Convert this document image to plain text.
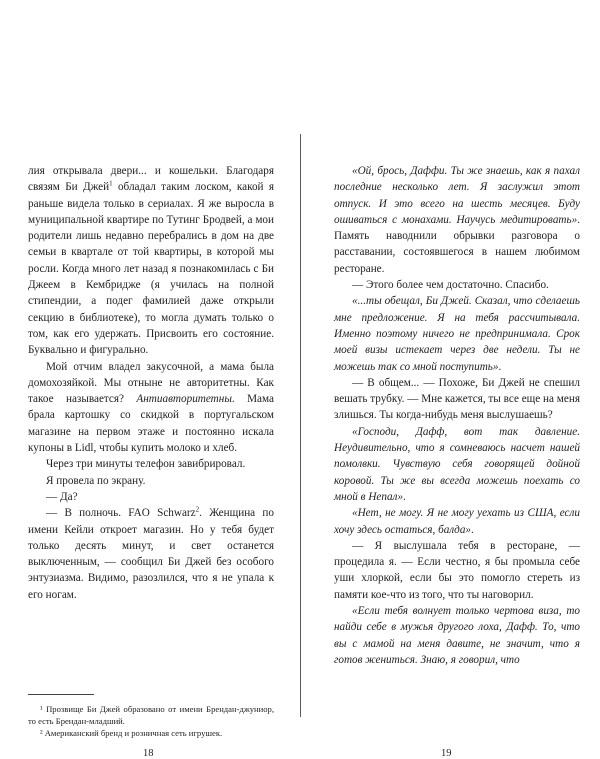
лия открывала двери... и кошельки. Благодаря связям Би Джей$^1$ обладал таким лоском, какой я раньше видела только в сериалах. Я же выросла в муниципальной квартире по Тутинг Бродвей, а мои родители лишь недавно перебрались в дом на две семьи в квартале от той квартиры, в которой мы росли. Когда много лет назад я познакомилась с Би Джеем в Кембридже (я училась на полной стипендии, а подег фамилией даже открыли секцию в библиотеке), то могла думать только о том, как его удержать. Присвоить его состояние. Буквально и фигурально.

Мой отчим владел закусочной, а мама была домохозяйкой. Мы отныне не авторитетны. Как такое называется? Антиавторитетны. Мама брала картошку со скидкой в португальском магазине на первом этаже и постоянно искала купоны в Lidl, чтобы купить молоко и хлеб.

Через три минуты телефон завибрировал.

Я провела по экрану.

— Да?

— В полночь. FAO Schwarz$^2$. Женщина по имени Кейли откроет магазин. Но у тебя будет только десять минут, и свет останется выключенным, — сообщил Би Джей без особого энтузиазма. Видимо, разозлился, что я не упала к его ногам.

«Ой, брось, Даффи. Ты же знаешь, как я пахал последние несколько лет. Я заслужил этот отпуск. И это всего на шесть месяцев. Буду ошиваться с монахами. Научусь медитировать». Память наводнили обрывки разговора о расставании, состоявшегося в нашем любимом ресторане.

— Этого более чем достаточно. Спасибо.

«...ты обещал, Би Джей. Сказал, что сделаешь мне предложение. Я на тебя рассчитывала. Именно поэтому ничего не предпринимала. Срок моей визы истекает через две недели. Ты не можешь так со мной поступить».

— В общем... — Похоже, Би Джей не спешил вешать трубку. — Мне кажется, ты все еще на меня злишься. Ты когда-нибудь меня выслушаешь?

«Господи, Дафф, вот так давление. Неудивительно, что я сомневаюсь насчет нашей помолвки. Чувствую себя говорящей дойной коровой. Ты же вы всегда можешь поехать со мной в Непал».

«Нет, не могу. Я не могу уехать из США, если хочу здесь остаться, балда».

— Я выслушала тебя в ресторане, — процедила я. — Если честно, я бы промыла себе уши хлоркой, если бы это помогло стереть из памяти кое-что из того, что ты наговорил.

«Если тебя волнует только чертова виза, то найди себе в мужья другого лоха, Дафф. То, что вы с мамой на меня давите, не значит, что я готов жениться. Знаю, я говорил, что

¹ Прозвище Би Джей образовано от имени Брендан-джуниор, то есть Брендан-младший.

² Американский бренд и розничная сеть игрушек.

18	19
